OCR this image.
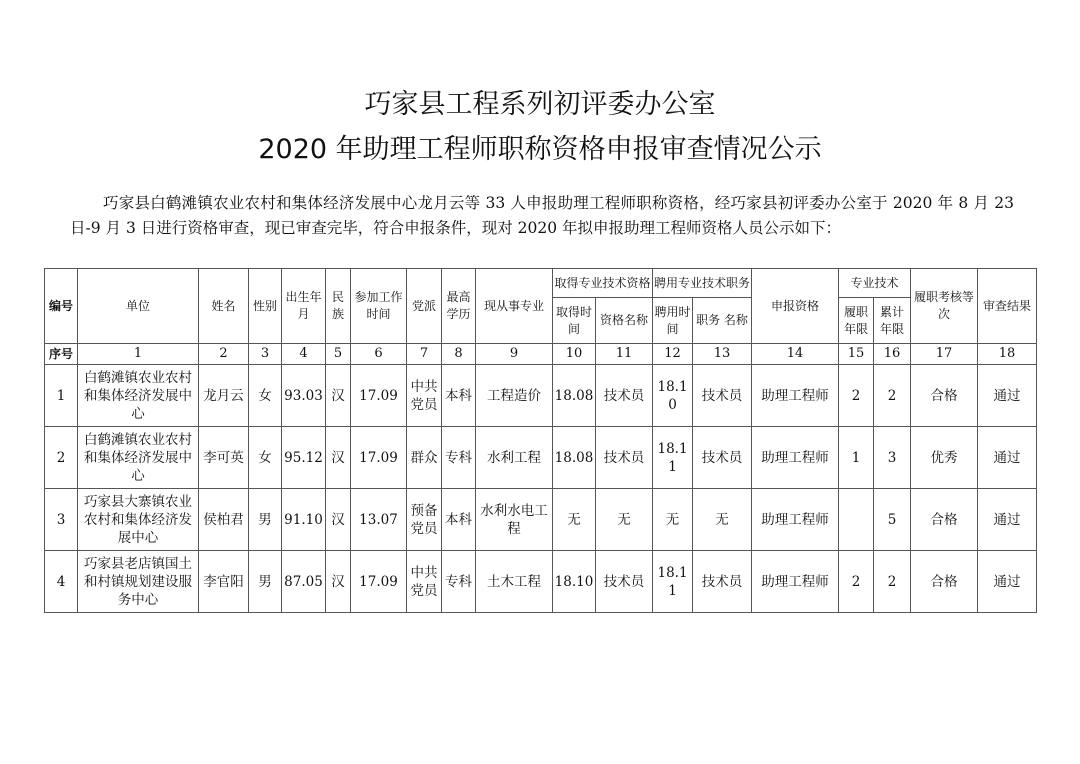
巧家县工程系列初评委办公室
2020 年助理工程师职称资格申报审查情况公示

巧家县白鹤滩镇农业农村和集体经济发展中心龙月云等 33 人申报助理工程师职称资格，经巧家县初评委办公室于 2020 年 8 月 23 日-9 月 3 日进行资格审查，现已审查完毕，符合申报条件，现对 2020 年拟申报助理工程师资格人员公示如下：

编号	单位	姓名	性别	出生年月	民族	参加工作时间	党派	最高学历	现从事专业	取得专业技术资格		聘用专业技术职务		申报资格	专业技术		履职考核等次	审查结果
															履职年限	累计年限		
										取得时间	资格名称	聘用时间	职务 名称					
序号	1	2	3	4	5	6	7	8	9	10	11	12	13	14	15	16	17	18
1	白鹤滩镇农业农村和集体经济发展中心	龙月云	女	93.03	汉	17.09	中共党员	本科	工程造价	18.08	技术员	18.10	技术员	助理工程师	2	2	合格	通过
2	白鹤滩镇农业农村和集体经济发展中心	李可英	女	95.12	汉	17.09	群众	专科	水利工程	18.08	技术员	18.11	技术员	助理工程师	1	3	优秀	通过
3	巧家县大寨镇农业农村和集体经济发展中心	侯柏君	男	91.10	汉	13.07	预备党员	本科	水利水电工程	无	无	无	无	助理工程师		5	合格	通过
4	巧家县老店镇国土和村镇规划建设服务中心	李官阳	男	87.05	汉	17.09	中共党员	专科	土木工程	18.10	技术员	18.11	技术员	助理工程师	2	2	合格	通过
